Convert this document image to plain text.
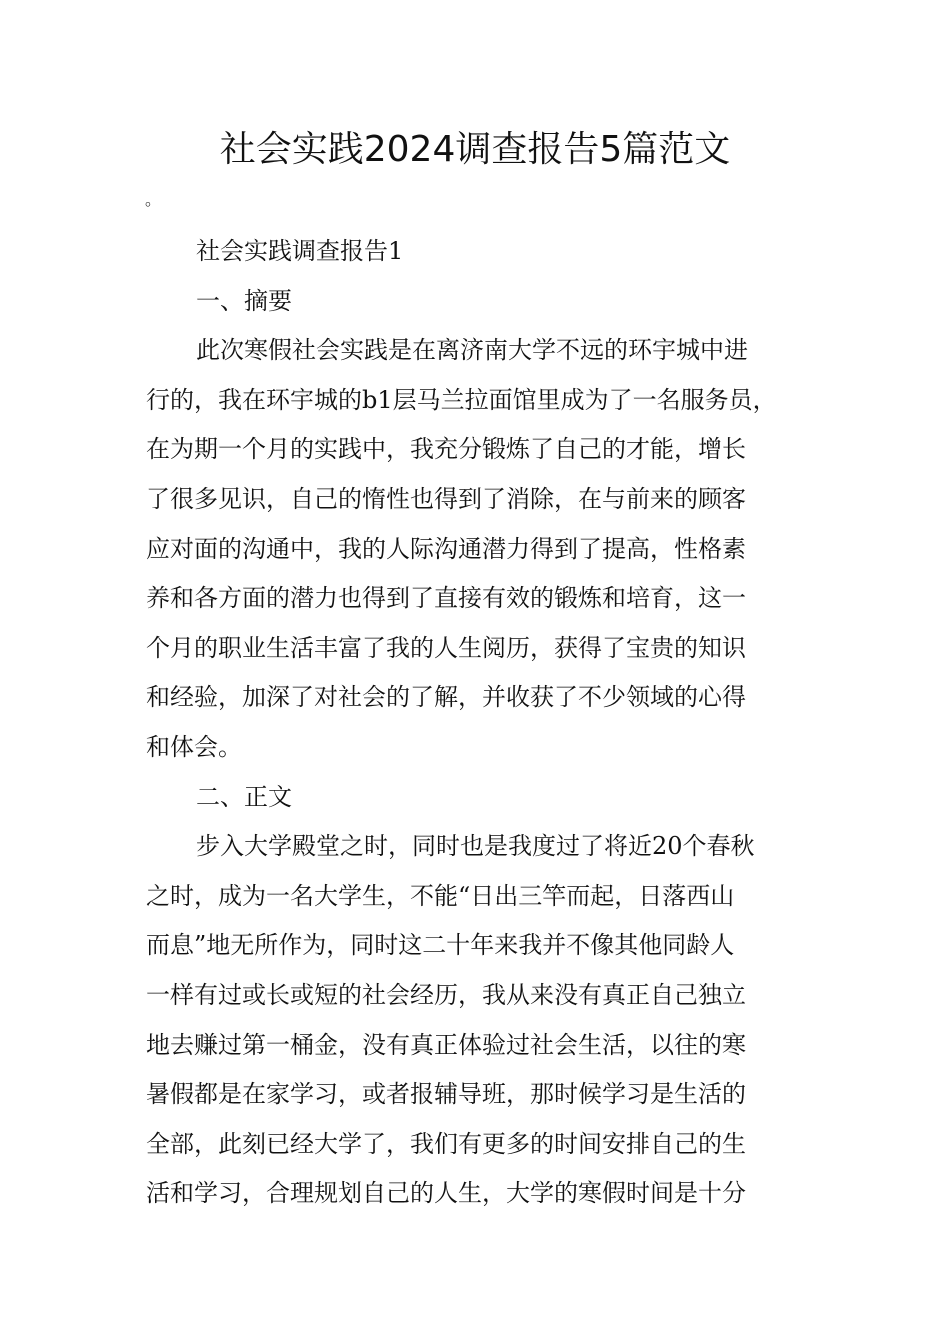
社会实践2024调查报告5篇范文
。
社会实践调查报告1
一、摘要
此次寒假社会实践是在离济南大学不远的环宇城中进
行的，我在环宇城的b1层马兰拉面馆里成为了一名服务员，
在为期一个月的实践中，我充分锻炼了自己的才能，增长
了很多见识，自己的惰性也得到了消除，在与前来的顾客
应对面的沟通中，我的人际沟通潜力得到了提高，性格素
养和各方面的潜力也得到了直接有效的锻炼和培育，这一
个月的职业生活丰富了我的人生阅历，获得了宝贵的知识
和经验，加深了对社会的了解，并收获了不少领域的心得
和体会。
二、正文
步入大学殿堂之时，同时也是我度过了将近20个春秋
之时，成为一名大学生，不能“日出三竿而起，日落西山
而息”地无所作为，同时这二十年来我并不像其他同龄人
一样有过或长或短的社会经历，我从来没有真正自己独立
地去赚过第一桶金，没有真正体验过社会生活，以往的寒
暑假都是在家学习，或者报辅导班，那时候学习是生活的
全部，此刻已经大学了，我们有更多的时间安排自己的生
活和学习，合理规划自己的人生，大学的寒假时间是十分
